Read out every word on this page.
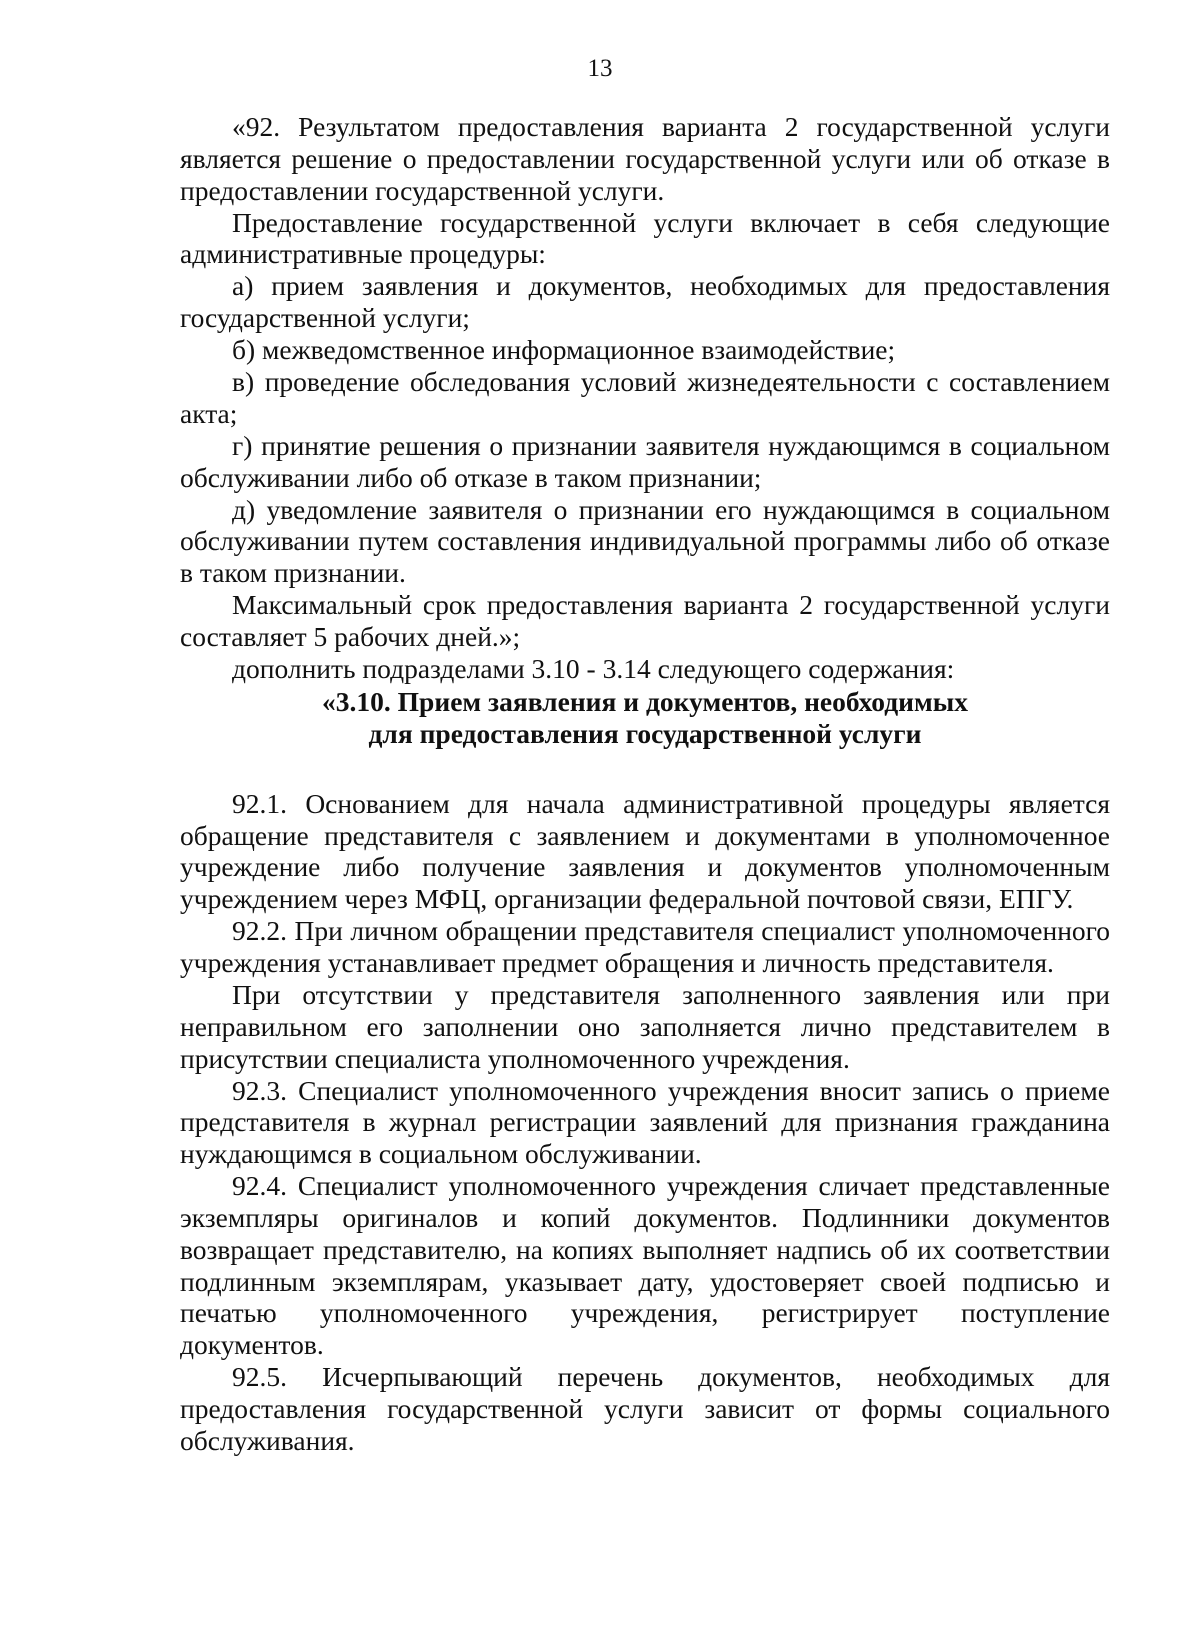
13

«92. Результатом предоставления варианта 2 государственной услуги является решение о предоставлении государственной услуги или об отказе в предоставлении государственной услуги.

Предоставление государственной услуги включает в себя следующие административные процедуры:

а) прием заявления и документов, необходимых для предоставления государственной услуги;

б) межведомственное информационное взаимодействие;

в) проведение обследования условий жизнедеятельности с составлением акта;

г) принятие решения о признании заявителя нуждающимся в социальном обслуживании либо об отказе в таком признании;

д) уведомление заявителя о признании его нуждающимся в социальном обслуживании путем составления индивидуальной программы либо об отказе в таком признании.

Максимальный срок предоставления варианта 2 государственной услуги составляет 5 рабочих дней.»;

дополнить подразделами 3.10 - 3.14 следующего содержания:

«3.10. Прием заявления и документов, необходимых
для предоставления государственной услуги

92.1. Основанием для начала административной процедуры является обращение представителя с заявлением и документами в уполномоченное учреждение либо получение заявления и документов уполномоченным учреждением через МФЦ, организации федеральной почтовой связи, ЕПГУ.

92.2. При личном обращении представителя специалист уполномоченного учреждения устанавливает предмет обращения и личность представителя.

При отсутствии у представителя заполненного заявления или при неправильном его заполнении оно заполняется лично представителем в присутствии специалиста уполномоченного учреждения.

92.3. Специалист уполномоченного учреждения вносит запись о приеме представителя в журнал регистрации заявлений для признания гражданина нуждающимся в социальном обслуживании.

92.4. Специалист уполномоченного учреждения сличает представленные экземпляры оригиналов и копий документов. Подлинники документов возвращает представителю, на копиях выполняет надпись об их соответствии подлинным экземплярам, указывает дату, удостоверяет своей подписью и печатью уполномоченного учреждения, регистрирует поступление документов.

92.5. Исчерпывающий перечень документов, необходимых для предоставления государственной услуги зависит от формы социального обслуживания.
